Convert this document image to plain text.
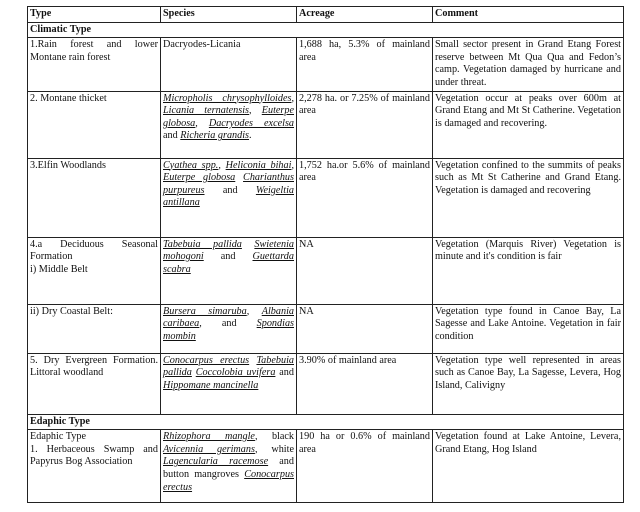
Type	Species	Acreage	Comment
Climatic Type			
1.Rain forest and lower Montane rain forest	Dacryodes-Licania	1,688 ha, 5.3% of mainland area	Small sector present in Grand Etang Forest reserve between Mt Qua Qua and Fedon’s camp. Vegetation damaged by hurricane and under threat.
2. Montane thicket	Micropholis chrysophylloides, Licania ternatensis, Euterpe globosa, Dacryodes excelsa and Richeria grandis.	2,278 ha. or 7.25% of mainland area	Vegetation occur at peaks over 600m at Grand Etang and Mt St Catherine. Vegetation is damaged and recovering.
3.Elfin Woodlands	Cyathea spp., Heliconia bihai, Euterpe globosa Charianthus purpureus and Weigeltia antillana	1,752 ha.or 5.6% of mainland area	Vegetation confined to the summits of peaks such as Mt St Catherine and Grand Etang. Vegetation is damaged and recovering
4.a Deciduous Seasonal Formation
i) Middle Belt	Tabebuia pallida Swietenia mohogoni and Guettarda scabra	NA	Vegetation (Marquis River) Vegetation is minute and it's condition is fair
ii) Dry Coastal Belt:	Bursera simaruba, Albania caribaea, and Spondias mombin	NA	Vegetation type found in Canoe Bay, La Sagesse and Lake Antoine. Vegetation in fair condition
5. Dry Evergreen Formation. Littoral woodland	Conocarpus erectus Tabebuia pallida Coccolobia uvifera and Hippomane mancinella	3.90% of mainland area	Vegetation type well represented in areas such as Canoe Bay, La Sagesse, Levera, Hog Island, Calivigny
Edaphic Type			
Edaphic Type
1. Herbaceous Swamp and Papyrus Bog Association	Rhizophora mangle, black Avicennia gerimans, white Lagencularia racemose and button mangroves Conocarpus erectus	190 ha or 0.6% of mainland area	Vegetation found at Lake Antoine, Levera, Grand Etang, Hog Island
